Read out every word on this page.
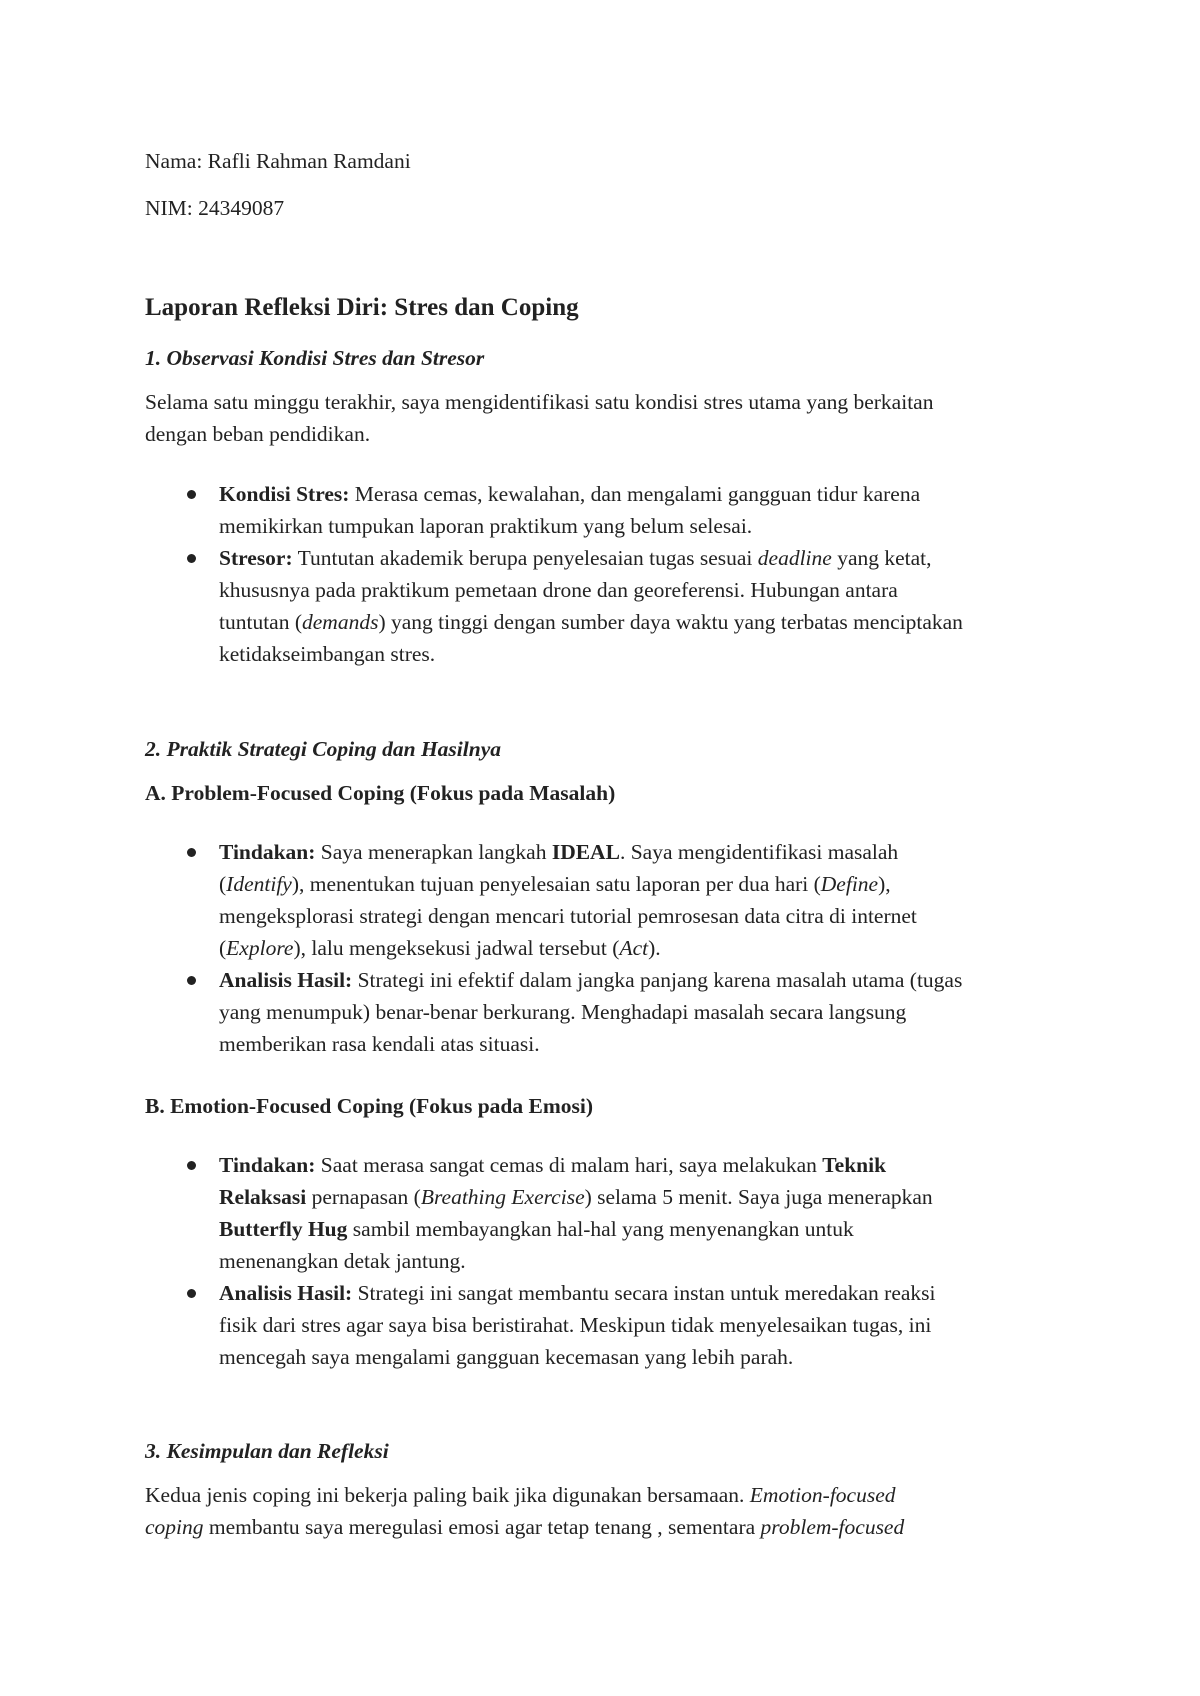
Nama: Rafli Rahman Ramdani
NIM: 24349087
Laporan Refleksi Diri: Stres dan Coping
1. Observasi Kondisi Stres dan Stresor
Selama satu minggu terakhir, saya mengidentifikasi satu kondisi stres utama yang berkaitan
dengan beban pendidikan.
Kondisi Stres: Merasa cemas, kewalahan, dan mengalami gangguan tidur karena
memikirkan tumpukan laporan praktikum yang belum selesai.
Stresor: Tuntutan akademik berupa penyelesaian tugas sesuai deadline yang ketat,
khususnya pada praktikum pemetaan drone dan georeferensi. Hubungan antara
tuntutan (demands) yang tinggi dengan sumber daya waktu yang terbatas menciptakan
ketidakseimbangan stres.
2. Praktik Strategi Coping dan Hasilnya
A. Problem-Focused Coping (Fokus pada Masalah)
Tindakan: Saya menerapkan langkah IDEAL. Saya mengidentifikasi masalah
(Identify), menentukan tujuan penyelesaian satu laporan per dua hari (Define),
mengeksplorasi strategi dengan mencari tutorial pemrosesan data citra di internet
(Explore), lalu mengeksekusi jadwal tersebut (Act).
Analisis Hasil: Strategi ini efektif dalam jangka panjang karena masalah utama (tugas
yang menumpuk) benar-benar berkurang. Menghadapi masalah secara langsung
memberikan rasa kendali atas situasi.
B. Emotion-Focused Coping (Fokus pada Emosi)
Tindakan: Saat merasa sangat cemas di malam hari, saya melakukan Teknik
Relaksasi pernapasan (Breathing Exercise) selama 5 menit. Saya juga menerapkan
Butterfly Hug sambil membayangkan hal-hal yang menyenangkan untuk
menenangkan detak jantung.
Analisis Hasil: Strategi ini sangat membantu secara instan untuk meredakan reaksi
fisik dari stres agar saya bisa beristirahat. Meskipun tidak menyelesaikan tugas, ini
mencegah saya mengalami gangguan kecemasan yang lebih parah.
3. Kesimpulan dan Refleksi
Kedua jenis coping ini bekerja paling baik jika digunakan bersamaan. Emotion-focused
coping membantu saya meregulasi emosi agar tetap tenang , sementara problem-focused
